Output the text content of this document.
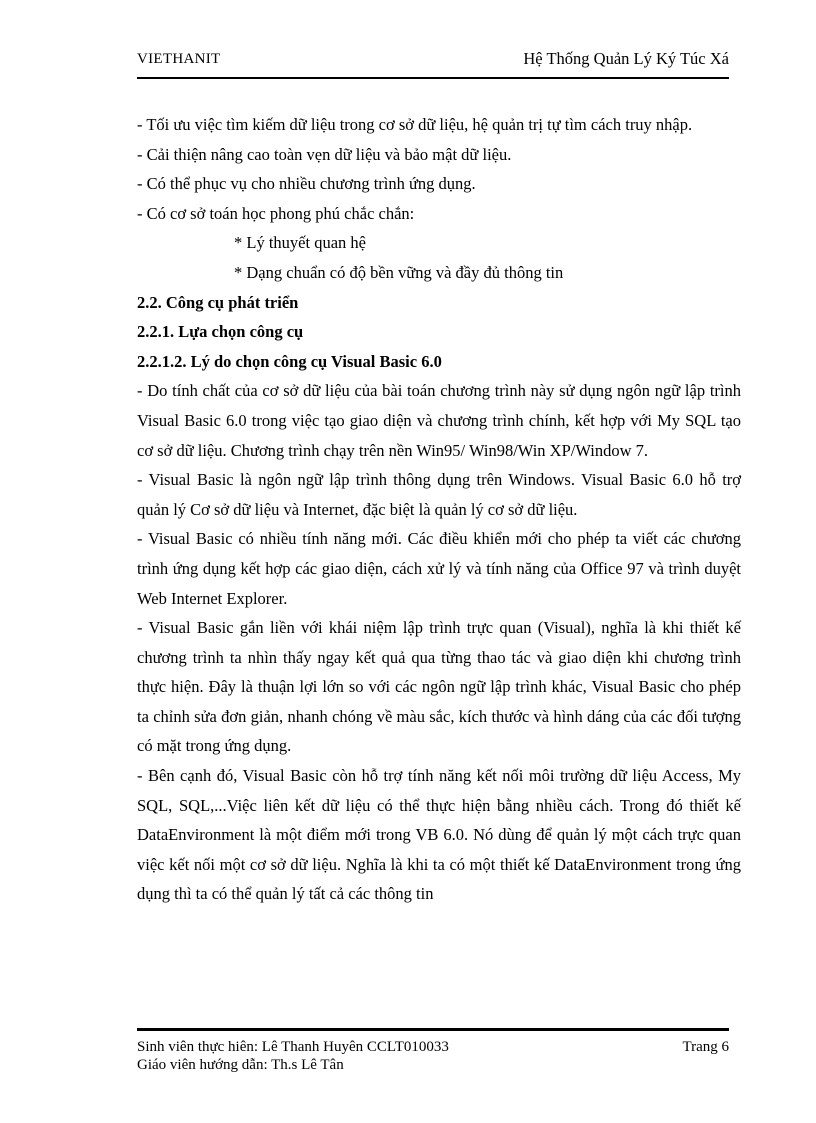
VIETHANIT	Hệ Thống Quản Lý Ký Túc Xá
- Tối ưu việc tìm kiếm dữ liệu trong cơ sở dữ liệu, hệ quản trị tự tìm cách truy nhập.
- Cải thiện nâng cao toàn vẹn dữ liệu và bảo mật dữ liệu.
- Có thể phục vụ cho nhiều chương trình ứng dụng.
- Có cơ sở toán học phong phú chắc chắn:
* Lý thuyết quan hệ
* Dạng chuẩn có độ bền vững và đầy đủ thông tin
2.2. Công cụ phát triển
2.2.1. Lựa chọn công cụ
2.2.1.2. Lý do chọn công cụ Visual Basic 6.0
- Do tính chất của cơ sở dữ liệu của bài toán chương trình này sử dụng ngôn ngữ lập trình Visual Basic 6.0 trong việc tạo giao diện và chương trình chính, kết hợp với My SQL tạo cơ sở dữ liệu. Chương trình chạy trên nền Win95/ Win98/Win XP/Window 7.
- Visual Basic là ngôn ngữ lập trình thông dụng trên Windows. Visual Basic 6.0 hỗ trợ quản lý Cơ sở dữ liệu và Internet, đặc biệt là quản lý cơ sở dữ liệu.
- Visual Basic có nhiều tính năng mới. Các điều khiển mới cho phép ta viết các chương trình ứng dụng kết hợp các giao diện, cách xử lý và tính năng của Office 97 và trình duyệt Web Internet Explorer.
- Visual Basic gắn liền với khái niệm lập trình trực quan (Visual), nghĩa là khi thiết kế chương trình ta nhìn thấy ngay kết quả qua từng thao tác và giao diện khi chương trình thực hiện. Đây là thuận lợi lớn so với các ngôn ngữ lập trình khác, Visual Basic cho phép ta chỉnh sửa đơn giản, nhanh chóng về màu sắc, kích thước và hình dáng của các đối tượng có mặt trong ứng dụng.
- Bên cạnh đó, Visual Basic còn hỗ trợ tính năng kết nối môi trường dữ liệu Access, My SQL, SQL,...Việc liên kết dữ liệu có thể thực hiện bằng nhiều cách. Trong đó thiết kế DataEnvironment là một điểm mới trong VB 6.0. Nó dùng để quản lý một cách trực quan việc kết nối một cơ sở dữ liệu. Nghĩa là khi ta có một thiết kế DataEnvironment trong ứng dụng thì ta có thể quản lý tất cả các thông tin
Sinh viên thực hiên: Lê Thanh Huyên CCLT010033
Giáo viên hướng dẫn: Th.s Lê Tân
Trang 6
